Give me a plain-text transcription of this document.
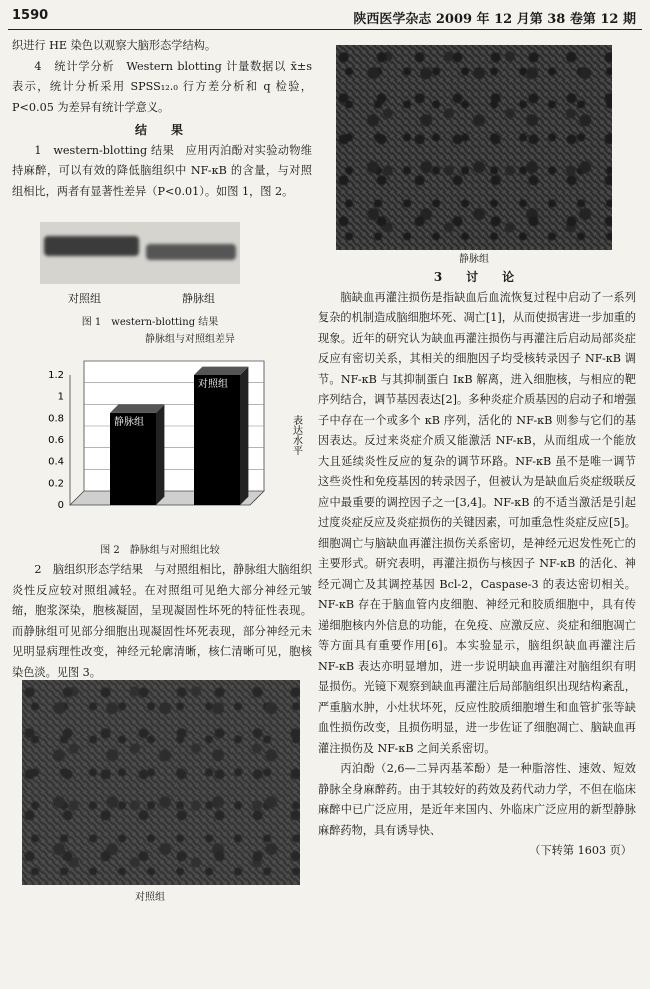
1590	陕西医学杂志 2009 年 12 月第 38 卷第 12 期

织进行 HE 染色以观察大脑形态学结构。

4　统计学分析　Western blotting 计量数据以 x̄±s 表示，统计分析采用 SPSS₁₂.₀ 行方差分析和 q 检验，P<0.05 为差异有统计学意义。

结　果

1　western-blotting 结果　应用丙泊酚对实验动物维持麻醉，可以有效的降低脑组织中 NF-κB 的含量，与对照组相比，两者有显著性差异（P<0.01）。如图 1，图 2。

对照组	静脉组
图 1　western-blotting 结果
静脉组与对照组差异
0
0.2
0.4
0.6
0.8
1
1.2
静脉组
对照组
表达水平
图 2　静脉组与对照组比较

2　脑组织形态学结果　与对照组相比，静脉组大脑组织炎性反应较对照组减轻。在对照组可见绝大部分神经元皱缩，胞浆深染，胞核凝固，呈现凝固性坏死的特征性表现。而静脉组可见部分细胞出现凝固性坏死表现，部分神经元未见明显病理性改变，神经元轮廓清晰，核仁清晰可见，胞核染色淡。见图 3。

对照组
静脉组
3　讨　论

脑缺血再灌注损伤是指缺血后血流恢复过程中启动了一系列复杂的机制造成脑细胞坏死、凋亡[1]，从而使损害进一步加重的现象。近年的研究认为缺血再灌注损伤与再灌注后启动局部炎症反应有密切关系，其相关的细胞因子均受核转录因子 NF-κB 调节。NF-κB 与其抑制蛋白 IκB 解离，进入细胞核，与相应的靶序列结合，调节基因表达[2]。多种炎症介质基因的启动子和增强子中存在一个或多个 κB 序列，活化的 NF-κB 则参与它们的基因表达。反过来炎症介质又能激活 NF-κB，从而组成一个能放大且延续炎性反应的复杂的调节环路。NF-κB 虽不是唯一调节这些炎性和免疫基因的转录因子，但被认为是缺血后炎症级联反应中最重要的调控因子之一[3,4]。NF-κB 的不适当激活是引起过度炎症反应及炎症损伤的关键因素，可加重急性炎症反应[5]。细胞凋亡与脑缺血再灌注损伤关系密切，是神经元迟发性死亡的主要形式。研究表明，再灌注损伤与核因子 NF-κB 的活化、神经元凋亡及其调控基因 Bcl-2，Caspase-3 的表达密切相关。NF-κB 存在于脑血管内皮细胞、神经元和胶质细胞中，具有传递细胞核内外信息的功能，在免疫、应激反应、炎症和细胞凋亡等方面具有重要作用[6]。本实验显示，脑组织缺血再灌注后 NF-κB 表达亦明显增加，进一步说明缺血再灌注对脑组织有明显损伤。光镜下观察到缺血再灌注后局部脑组织出现结构紊乱，严重脑水肿，小灶状坏死，反应性胶质细胞增生和血管扩张等缺血性损伤改变，且损伤明显，进一步佐证了细胞凋亡、脑缺血再灌注损伤及 NF-κB 之间关系密切。

丙泊酚（2,6—二异丙基苯酚）是一种脂溶性、速效、短效静脉全身麻醉药。由于其较好的药效及药代动力学，不但在临床麻醉中已广泛应用，是近年来国内、外临床广泛应用的新型静脉麻醉药物，具有诱导快、

（下转第 1603 页）
